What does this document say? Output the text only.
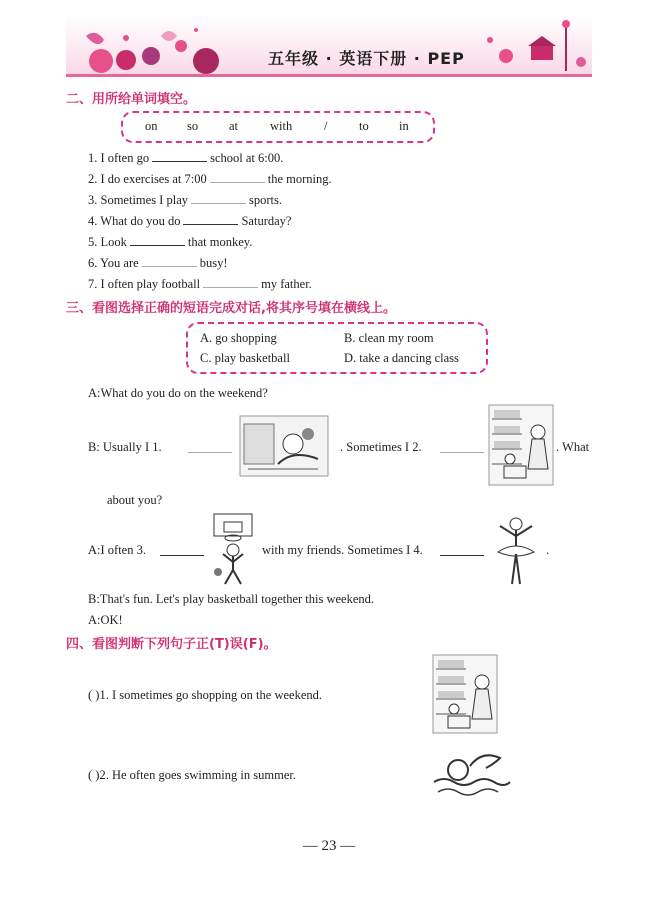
五年级 · 英语下册 · PEP
二、用所给单词填空。
on so at	with	/	to in
1. I often go	school at 6:00.
2. I do exercises at 7:00	the morning.
3. Sometimes I play	sports.
4. What do you do	Saturday?
5. Look	that monkey.
6. You are	busy!
7. I often play football	my father.
三、看图选择正确的短语完成对话,将其序号填在横线上。
A. go shopping	B. clean my room
C. play basketball	D. take a dancing class
A:What do you do on the weekend?
B: Usually I 1.	. Sometimes I 2.	. What
about you?
A:I often 3.	with my friends. Sometimes I 4.	.
B:That's fun. Let's play basketball together this weekend.
A:OK!
四、看图判断下列句子正(T)误(F)。
( )1. I sometimes go shopping on the weekend.
( )2. He often goes swimming in summer.
— 23 —
